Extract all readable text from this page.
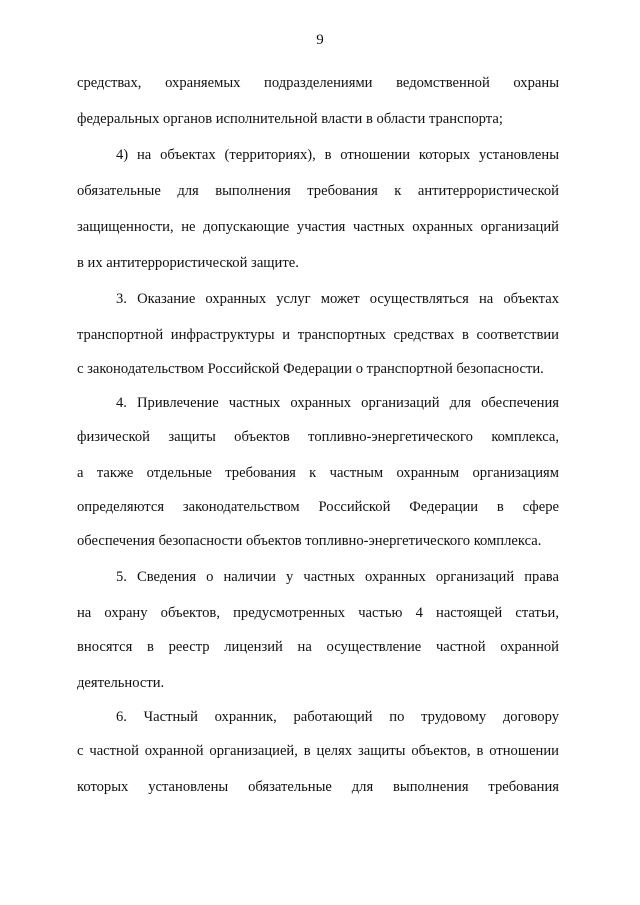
9
средствах, охраняемых подразделениями ведомственной охраны
федеральных органов исполнительной власти в области транспорта;
4) на объектах (территориях), в отношении которых установлены
обязательные для выполнения требования к антитеррористической
защищенности, не допускающие участия частных охранных организаций
в их антитеррористической защите.
3. Оказание охранных услуг может осуществляться на объектах
транспортной инфраструктуры и транспортных средствах в соответствии
с законодательством Российской Федерации о транспортной безопасности.
4. Привлечение частных охранных организаций для обеспечения
физической защиты объектов топливно-энергетического комплекса,
а также отдельные требования к частным охранным организациям
определяются законодательством Российской Федерации в сфере
обеспечения безопасности объектов топливно-энергетического комплекса.
5. Сведения о наличии у частных охранных организаций права
на охрану объектов, предусмотренных частью 4 настоящей статьи,
вносятся в реестр лицензий на осуществление частной охранной
деятельности.
6. Частный охранник, работающий по трудовому договору
с частной охранной организацией, в целях защиты объектов, в отношении
которых установлены обязательные для выполнения требования
